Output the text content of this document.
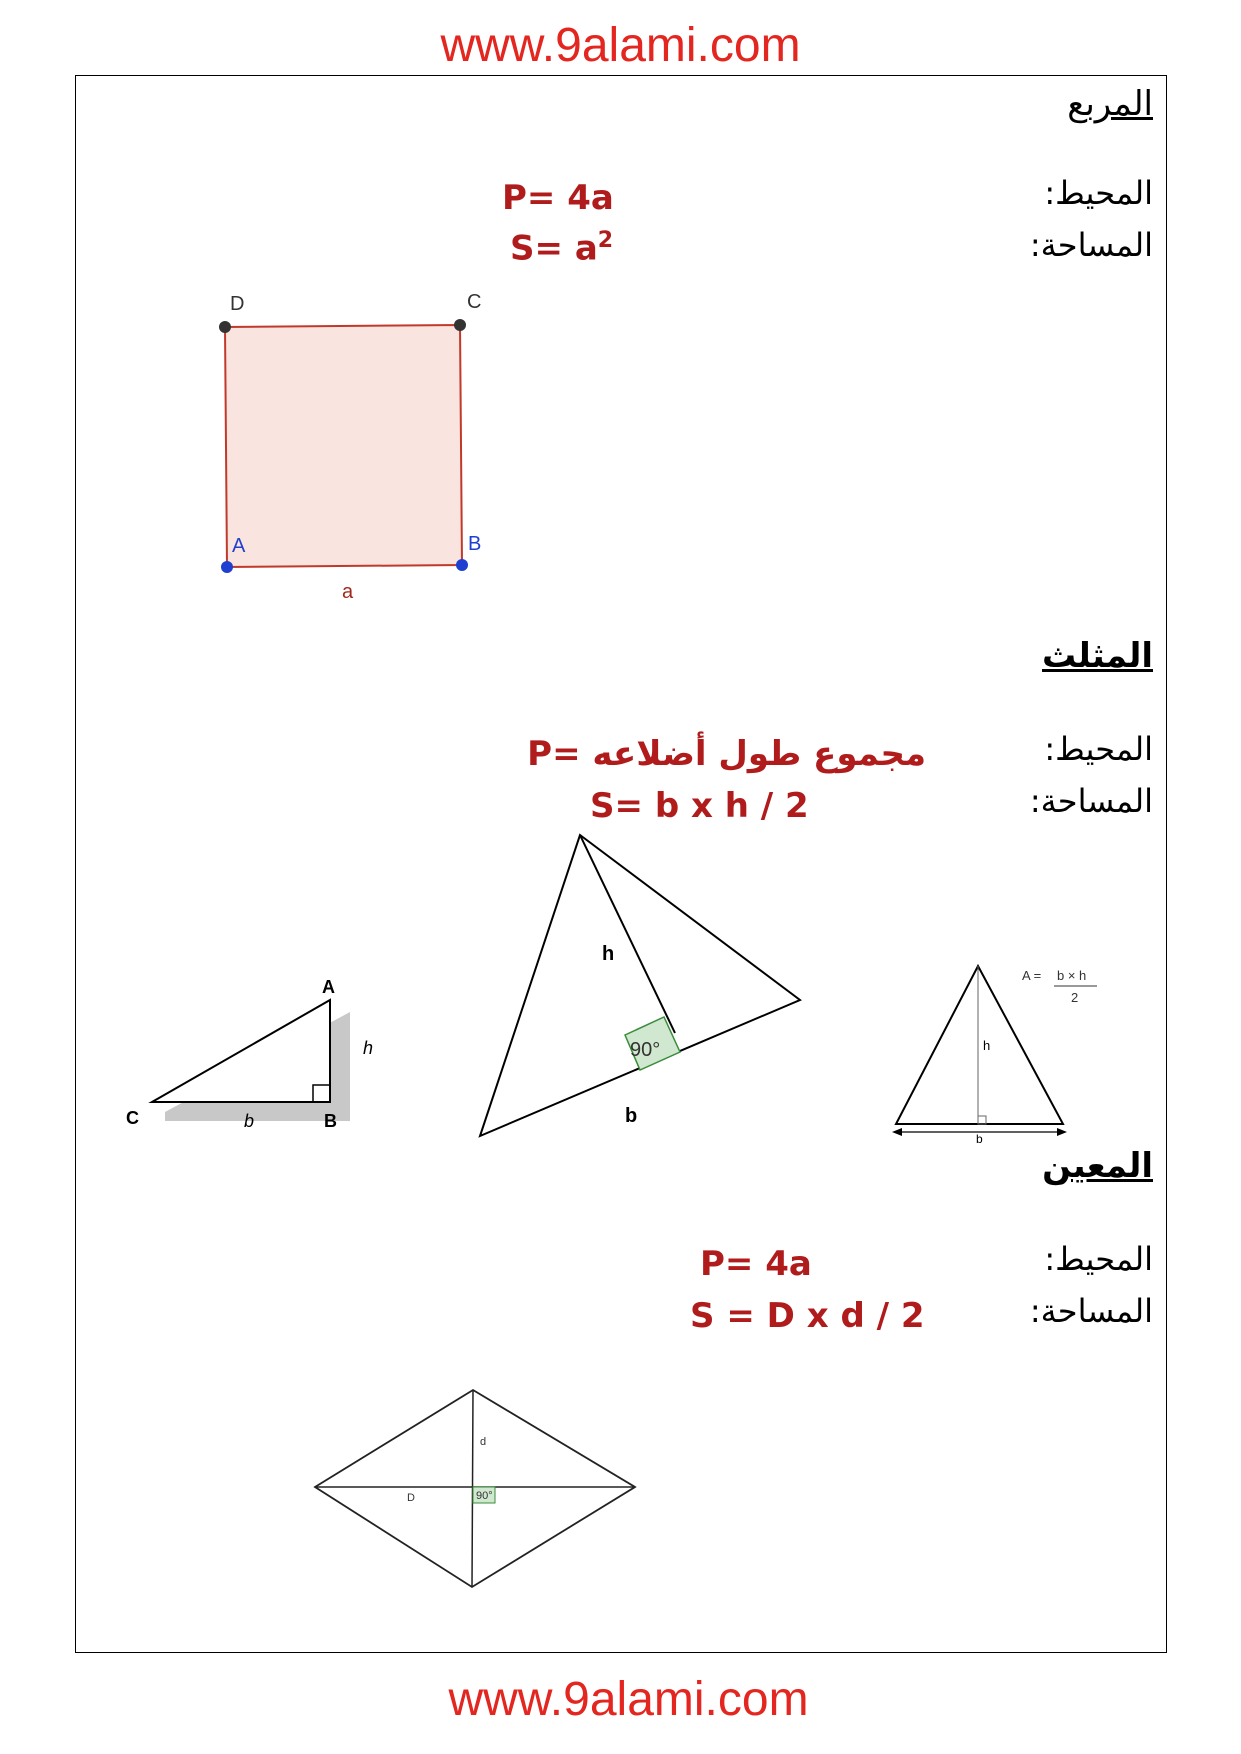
www.9alami.com
المربع
المحيط:
المساحة:
P= 4a
$S= a^2$
D	C
A	B
a
المثلث
المحيط:
المساحة:
مجموع طول أضلاعه =P
S= b x h / 2
A
B
C
h
b
90°
h
b
h
b
A = b × h
2
المعين
المحيط:
المساحة:
P= 4a
S = D x d / 2
90°
d
D
www.9alami.com
